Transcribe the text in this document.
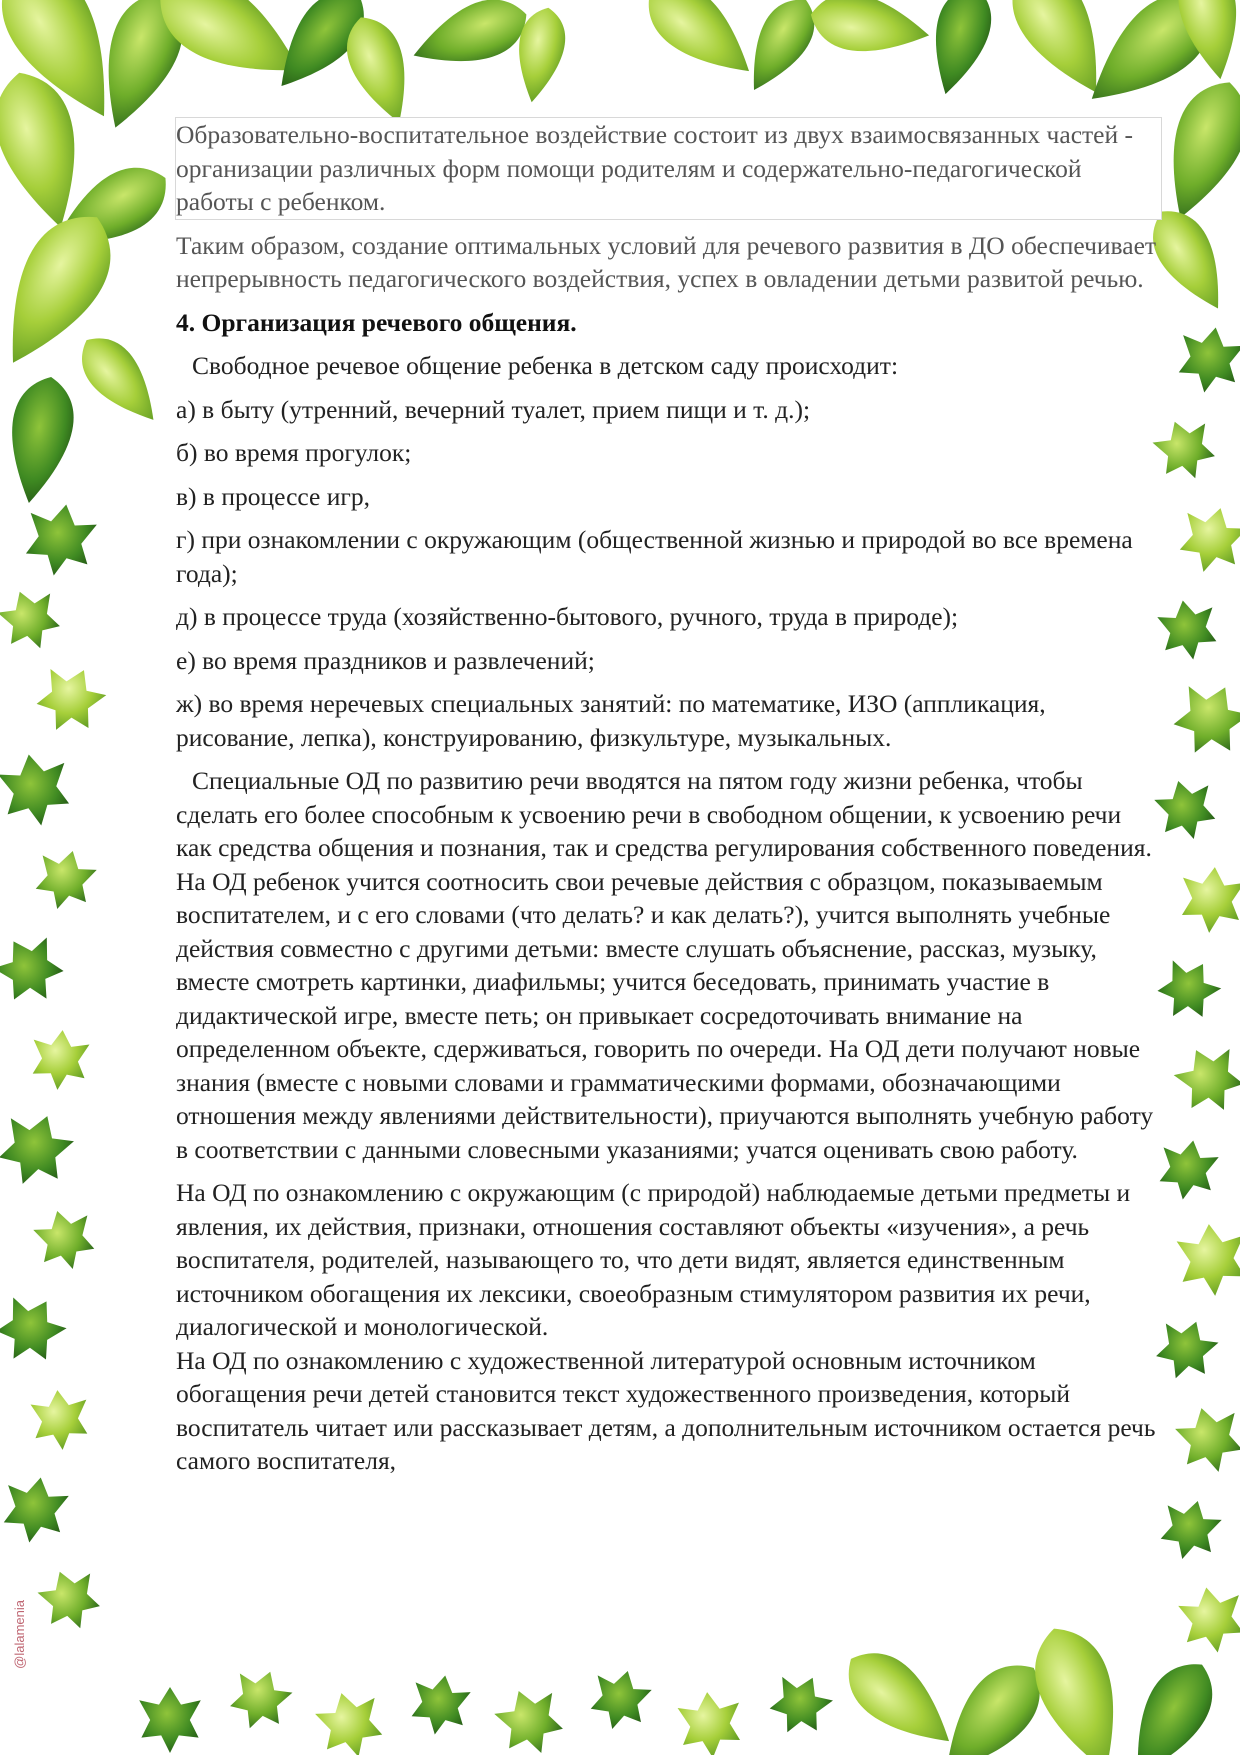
Образовательно-воспитательное воздействие состоит из двух взаимосвязанных частей - организации различных форм помощи родителям и содержательно-педагогической работы с ребенком.

Таким образом, создание оптимальных условий для речевого развития в ДО обеспечивает непрерывность педагогического воздействия, успех в овладении детьми развитой речью.

4. Организация речевого общения.

Свободное речевое общение ребенка в детском саду происходит:

а) в быту (утренний, вечерний туалет, прием пищи и т. д.);

б) во время прогулок;

в) в процессе игр,

г) при ознакомлении с окружающим (общественной жизнью и природой во все времена года);

д) в процессе труда (хозяйственно-бытового, ручного, труда в природе);

е) во время праздников и развлечений;

ж) во время неречевых специальных занятий: по математике, ИЗО (аппликация, рисование, лепка), конструированию, физкультуре, музыкальных.

Специальные ОД по развитию речи вводятся на пятом году жизни ребенка, чтобы сделать его более способным к усвоению речи в свободном общении, к усвоению речи как средства общения и познания, так и средства регулирования собственного поведения. На ОД ребенок учится соотносить свои речевые действия с образцом, показываемым воспитателем, и с его словами (что делать? и как делать?), учится выполнять учебные действия совместно с другими детьми: вместе слушать объяснение, рассказ, музыку, вместе смотреть картинки, диафильмы; учится беседовать, принимать участие в дидактической игре, вместе петь; он привыкает сосредоточивать внимание на определенном объекте, сдерживаться, говорить по очереди. На ОД дети получают новые знания (вместе с новыми словами и грамматическими формами, обозначающими отношения между явлениями действительности), приучаются выполнять учебную работу в соответствии с данными словесными указаниями; учатся оценивать свою работу.

На ОД по ознакомлению с окружающим (с природой) наблюдаемые детьми предметы и явления, их действия, признаки, отношения составляют объекты «изучения», а речь воспитателя, родителей, называющего то, что дети видят, является единственным источником обогащения их лексики, своеобразным стимулятором развития их речи, диалогической и монологической.

На ОД по ознакомлению с художественной литературой основным источником обогащения речи детей становится текст художественного произведения, который воспитатель читает или рассказывает детям, а дополнительным источником остается речь самого воспитателя,

@lalamenia
